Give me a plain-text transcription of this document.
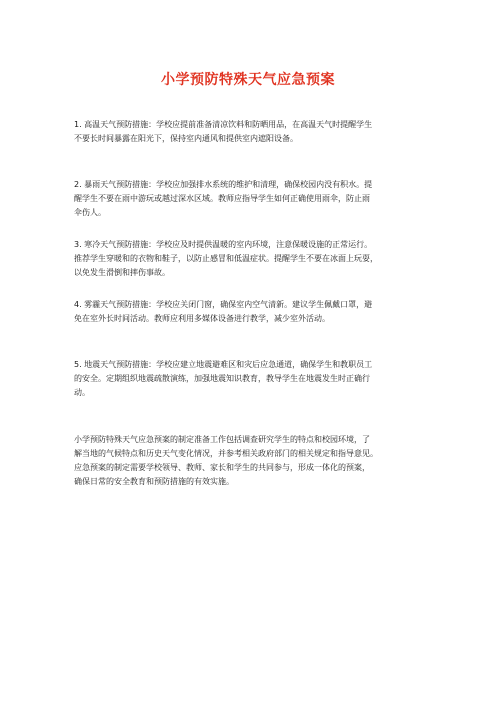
小学预防特殊天气应急预案

1. 高温天气预防措施：学校应提前准备清凉饮料和防晒用品，在高温天气时提醒学生
不要长时间暴露在阳光下，保持室内通风和提供室内遮阳设备。

2. 暴雨天气预防措施：学校应加强排水系统的维护和清理，确保校园内没有积水。提
醒学生不要在雨中游玩或越过深水区域。教师应指导学生如何正确使用雨伞，防止雨
伞伤人。

3. 寒冷天气预防措施：学校应及时提供温暖的室内环境，注意保暖设施的正常运行。
推荐学生穿暖和的衣物和鞋子，以防止感冒和低温症状。提醒学生不要在冰面上玩耍，
以免发生滑倒和摔伤事故。

4. 雾霾天气预防措施：学校应关闭门窗，确保室内空气清新。建议学生佩戴口罩，避
免在室外长时间活动。教师应利用多媒体设备进行教学，减少室外活动。

5. 地震天气预防措施：学校应建立地震避难区和灾后应急通道，确保学生和教职员工
的安全。定期组织地震疏散演练，加强地震知识教育，教导学生在地震发生时正确行
动。

小学预防特殊天气应急预案的制定准备工作包括调查研究学生的特点和校园环境，了
解当地的气候特点和历史天气变化情况，并参考相关政府部门的相关规定和指导意见。
应急预案的制定需要学校领导、教师、家长和学生的共同参与，形成一体化的预案，
确保日常的安全教育和预防措施的有效实施。
